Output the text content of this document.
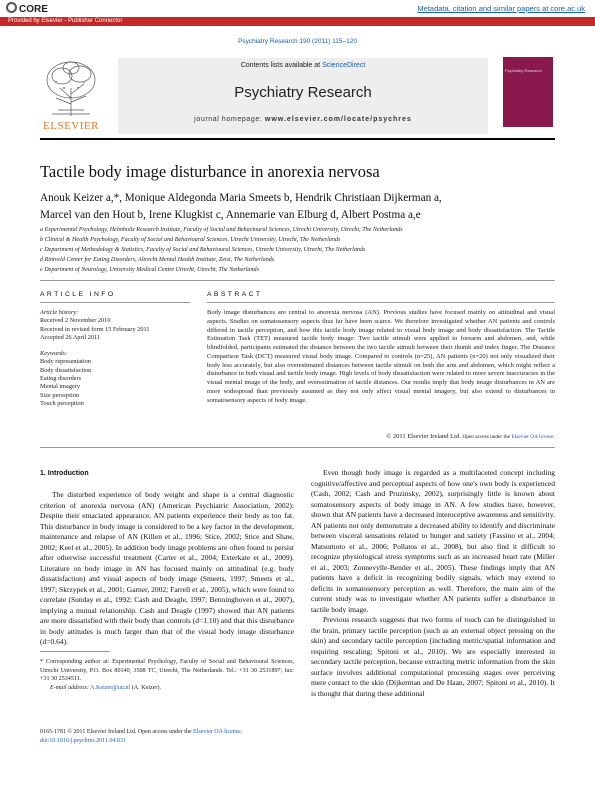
CORE	Metadata, citation and similar papers at core.ac.uk
Provided by Elsevier - Publisher Connector
Psychiatry Research 190 (2011) 115–120
ELSEVIER
Contents lists available at ScienceDirect
Psychiatry Research
journal homepage: www.elsevier.com/locate/psychres
Psychiatry Research
Tactile body image disturbance in anorexia nervosa
Anouk Keizer a,*, Monique Aldegonda Maria Smeets b, Hendrik Christiaan Dijkerman a,
Marcel van den Hout b, Irene Klugkist c, Annemarie van Elburg d, Albert Postma a,e
a Experimental Psychology, Helmholtz Research Institute, Faculty of Social and Behavioural Sciences, Utrecht University, Utrecht, The Netherlands
b Clinical & Health Psychology, Faculty of Social and Behavioural Sciences, Utrecht University, Utrecht, The Netherlands
c Department of Methodology & Statistics, Faculty of Social and Behavioural Sciences, Utrecht University, Utrecht, The Netherlands
d Rintveld Center for Eating Disorders, Altrecht Mental Health Institute, Zeist, The Netherlands
e Department of Neurology, University Medical Centre Utrecht, Utrecht, The Netherlands
ARTICLE INFO	ABSTRACT
Article history:
Received 2 November 2010
Received in revised form 15 February 2011
Accepted 26 April 2011
Keywords:
Body representation
Body dissatisfaction
Eating disorders
Mental imagery
Size perception
Touch perception
Body image disturbances are central to anorexia nervosa (AN). Previous studies have focused mainly on attitudinal and visual aspects. Studies on somatosensory aspects thus far have been scarce. We therefore investigated whether AN patients and controls differed in tactile perception, and how this tactile body image related to visual body image and body dissatisfaction. The Tactile Estimation Task (TET) measured tactile body image: Two tactile stimuli were applied to forearm and abdomen, and, while blindfolded, participants estimated the distance between the two tactile stimuli between their thumb and index finger. The Distance Comparison Task (DCT) measured visual body image. Compared to controls (n=25), AN patients (n=20) not only visualized their body less accurately, but also overestimated distances between tactile stimuli on both the arm and abdomen, which might reflect a disturbance in both visual and tactile body image. High levels of body dissatisfaction were related to more severe inaccuracies in the visual mental image of the body, and overestimation of tactile distances. Our results imply that body image disturbances in AN are more widespread than previously assumed as they not only affect visual mental imagery, but also extend to disturbances in somatosensory aspects of body image.
© 2011 Elsevier Ireland Ltd. Open access under the Elsevier OA license.
1. Introduction

The disturbed experience of body weight and shape is a central diagnostic criterion of anorexia nervosa (AN) (American Psychiatric Association, 2002): Despite their emaciated appearance, AN patients experience their body as too fat. This disturbance in body image is considered to be a key factor in the development, maintenance and relapse of AN (Killen et al., 1996; Stice, 2002; Stice and Shaw, 2002; Keel et al., 2005). In addition body image problems are often found to persist after otherwise successful treatment (Carter et al., 2004; Exterkate et al., 2009). Literature on body image in AN has focused mainly on attitudinal (e.g. body dissatisfaction) and visual aspects of body image (Smeets, 1997; Smeets et al., 1997; Skrzypek et al., 2001; Garner, 2002; Farrell et al., 2005), which were found to correlate (Sunday et al., 1992; Cash and Deagle, 1997; Benninghoven et al., 2007), implying a mutual relationship. Cash and Deagle (1997) showed that AN patients are more dissatisfied with their body than controls (d=1.10) and that this disturbance in body attitudes is much larger than that of the visual body image disturbance (d=0.64).

Even though body image is regarded as a multifaceted concept including cognitive/affective and perceptual aspects of how one's own body is experienced (Cash, 2002; Cash and Pruzinsky, 2002), surprisingly little is known about somatosensory aspects of body image in AN. A few studies have, however, shown that AN patients have a decreased interoceptive awareness and sensitivity. AN patients not only demonstrate a decreased ability to identify and discriminate between visceral sensations related to hunger and satiety (Fassino et al., 2004; Matsumoto et al., 2006; Pollatos et al., 2008), but also find it difficult to recognize physiological stress symptoms such as an increased heart rate (Miller et al., 2003; Zonnevylle-Bender et al., 2005). These findings imply that AN patients have a deficit in recognizing bodily signals, which may extend to deficits in somatosensory perception as well. Therefore, the main aim of the current study was to investigate whether AN patients suffer a disturbance in tactile body image.

Previous research suggests that two forms of touch can be distinguished in the brain, primary tactile perception (such as an external object pressing on the skin) and secondary tactile perception (including metric/spatial information and requiring rescaling; Spitoni et al., 2010). We are especially interested in secondary tactile perception, because extracting metric information from the skin surface involves additional computational processing stages over perceiving mere contact to the skin (Dijkerman and De Haan, 2007; Spitoni et al., 2010). It is thought that during these additional

* Corresponding author at: Experimental Psychology, Faculty of Social and Behavioural Sciences, Utrecht University, P.O. Box 80140, 3508 TC, Utrecht, The Netherlands. Tel.: +31 30 2531897; fax: +31 30 2534511.

E-mail address: A.Keizer@uu.nl (A. Keizer).

0165-1781 © 2011 Elsevier Ireland Ltd. Open access under the Elsevier OA license.
doi:10.1016/j.psychres.2011.04.031
